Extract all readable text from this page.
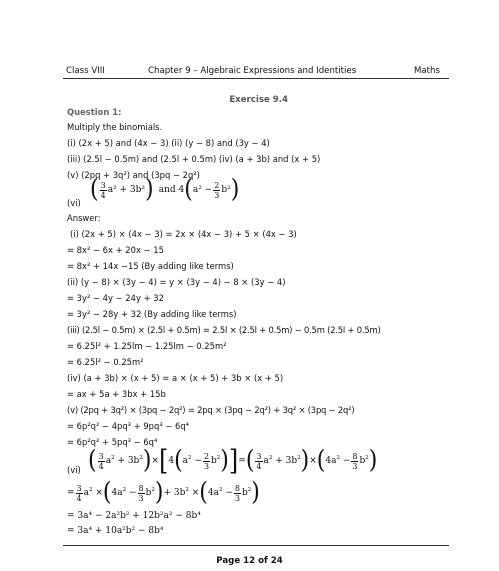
Class VIII	Chapter 9 – Algebraic Expressions and Identities	Maths
Exercise 9.4
Question 1:
Multiply the binomials.
(i) (2x + 5) and (4x − 3) (ii) (y − 8) and (3y − 4)
(iii) (2.5l − 0.5m) and (2.5l + 0.5m) (iv) (a + 3b) and (x + 5)
(v) (2pq + 3q²) and (3pq − 2q²)
( $\frac{3}{4} a^2 + 3b^2$) and $4(a^2 - \frac{2}{3} b^2)$
(vi)
Answer:
(i) (2x + 5) × (4x − 3) = 2x × (4x − 3) + 5 × (4x − 3)
= 8x² − 6x + 20x − 15
= 8x² + 14x −15 (By adding like terms)
(ii) (y − 8) × (3y − 4) = y × (3y − 4) − 8 × (3y − 4)
= 3y² − 4y − 24y + 32
= 3y² − 28y + 32 (By adding like terms)
(iii) (2.5l − 0.5m) × (2.5l + 0.5m) = 2.5l × (2.5l + 0.5m) − 0.5m (2.5l + 0.5m)
= 6.25l² + 1.25lm − 1.25lm − 0.25m²
= 6.25l² − 0.25m²
(iv) (a + 3b) × (x + 5) = a × (x + 5) + 3b × (x + 5)
= ax + 5a + 3bx + 15b
(v) (2pq + 3q²) × (3pq − 2q²) = 2pq × (3pq − 2q²) + 3q² × (3pq − 2q²)
= 6p²q² − 4pq³ + 9pq³ − 6q⁴
= 6p²q² + 5pq³ − 6q⁴
(vi) ( $\frac{3}{4} a^2 + 3b^2)\times[4(a^2 - \frac{2}{3} b^2)]=( \frac{3}{4} a^2 + 3b^2)\times(4a^2 - \frac{8}{3} b^2)$
= $\frac{3}{4} a^2 \times(4a^2 - \frac{8}{3} b^2)+ 3b^2 \times(4a^2 - \frac{8}{3} b^2)$
= 3a⁴ − 2a²b² + 12b²a² − 8b⁴
= 3a⁴ + 10a²b² − 8b⁴
Page 12 of 24
